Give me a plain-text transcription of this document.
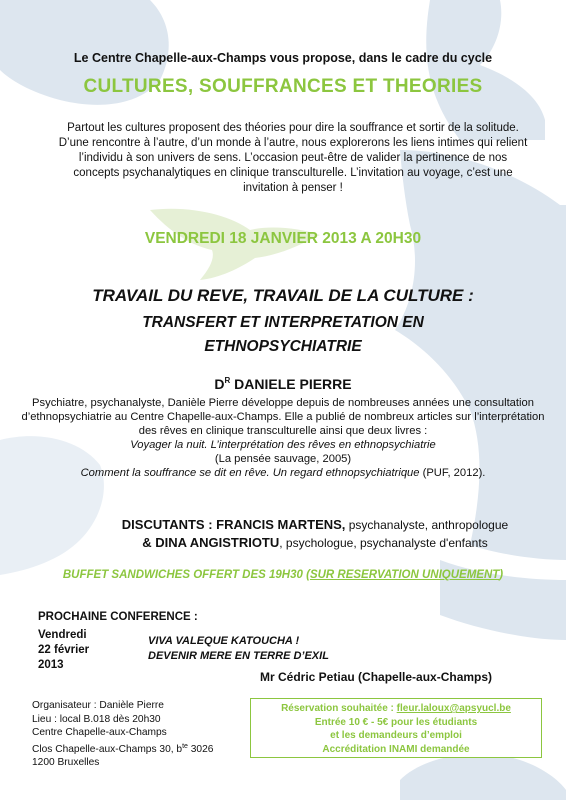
Le Centre Chapelle-aux-Champs vous propose, dans le cadre du cycle
CULTURES, SOUFFRANCES ET THEORIES
Partout les cultures proposent des théories pour dire la souffrance et sortir de la solitude. D’une rencontre à l’autre, d’un monde à l’autre, nous explorerons les liens intimes qui relient l’individu à son univers de sens. L’occasion peut-être de valider la pertinence de nos concepts psychanalytiques en clinique transculturelle. L’invitation au voyage, c’est une invitation à penser !
VENDREDI 18 JANVIER 2013 A 20H30
TRAVAIL DU REVE, TRAVAIL DE LA CULTURE :
TRANSFERT ET INTERPRETATION EN
ETHNOPSYCHIATRIE
$D^R$ DANIELE PIERRE
Psychiatre, psychanalyste, Danièle Pierre développe depuis de nombreuses années une consultation d’ethnopsychiatrie au Centre Chapelle-aux-Champs. Elle a publié de nombreux articles sur l’interprétation des rêves en clinique transculturelle ainsi que deux livres :
Voyager la nuit. L’interprétation des rêves en ethnopsychiatrie
(La pensée sauvage, 2005)
Comment la souffrance se dit en rêve. Un regard ethnopsychiatrique (PUF, 2012).
DISCUTANTS : FRANCIS MARTENS, psychanalyste, anthropologue
& DINA ANGISTRIOTU, psychologue, psychanalyste d'enfants
BUFFET SANDWICHES OFFERT DES 19H30 (SUR RESERVATION UNIQUEMENT)
PROCHAINE CONFERENCE :
Vendredi
22 février
2013
VIVA VALEQUE KATOUCHA !
DEVENIR MERE EN TERRE D’EXIL
Mr Cédric Petiau (Chapelle-aux-Champs)
Organisateur : Danièle Pierre
Lieu : local B.018 dès 20h30
Centre Chapelle-aux-Champs
Clos Chapelle-aux-Champs 30, $b^{te}$ 3026
1200 Bruxelles
Réservation souhaitée : fleur.laloux@apsyucl.be
Entrée 10 € - 5€ pour les étudiants
et les demandeurs d’emploi
Accréditation INAMI demandée
